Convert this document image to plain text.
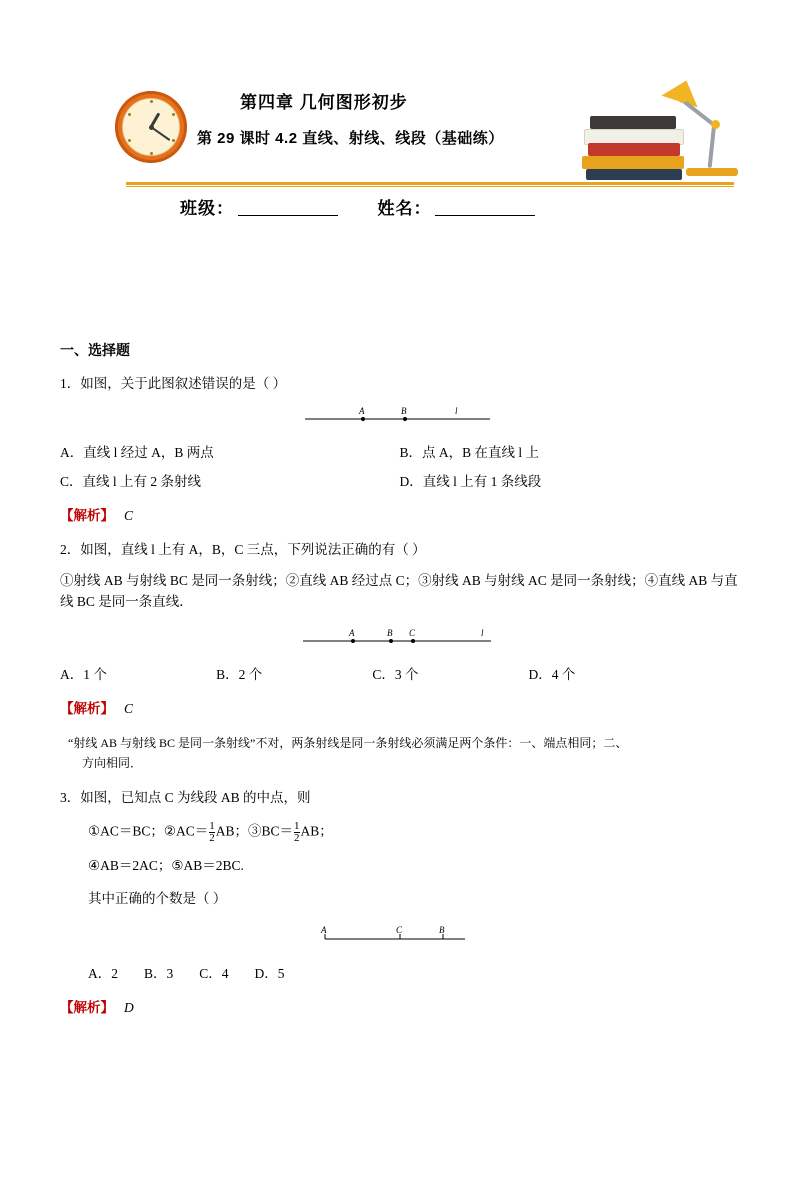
第四章 几何图形初步
第 29 课时 4.2 直线、射线、线段（基础练）
班级：	姓名：
一、选择题
1．如图，关于此图叙述错误的是（ ）
A	B	l
A．直线 l 经过 A，B 两点	B．点 A，B 在直线 l 上
C．直线 l 上有 2 条射线	D．直线 l 上有 1 条线段
【解析】 C
2．如图，直线 l 上有 A，B，C 三点，下列说法正确的有（ ）
①射线 AB 与射线 BC 是同一条射线；②直线 AB 经过点 C；③射线 AB 与射线 AC 是同一条射线；④直线 AB 与直线 BC 是同一条直线．
A	B C	l
A．1 个	B．2 个	C．3 个	D．4 个
【解析】 C
“射线 AB 与射线 BC 是同一条射线”不对，两条射线是同一条射线必须满足两个条件：一、端点相同；二、
方向相同．
3．如图，已知点 C 为线段 AB 的中点，则
①AC＝BC；②AC＝ $\frac{1}{2}$ AB；③BC＝ $\frac{1}{2}$ AB；
④AB＝2AC；⑤AB＝2BC.
其中正确的个数是（ ）
A	C	B
A．2 B．3 C．4 D．5
【解析】 D
